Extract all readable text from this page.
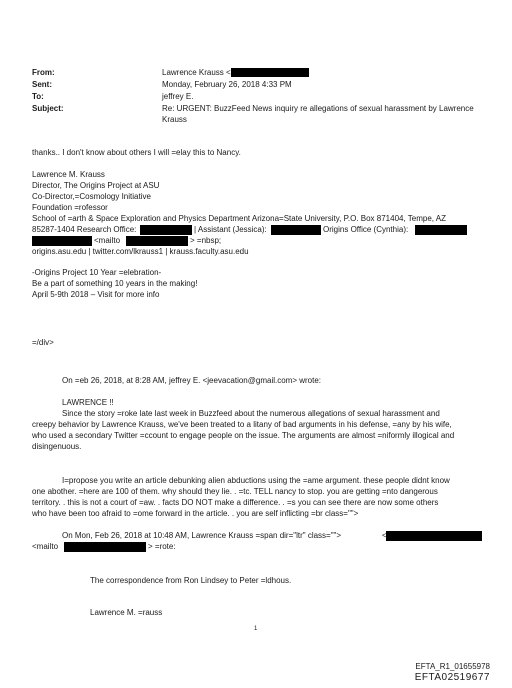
From:	Lawrence Krauss <
Sent:	Monday, February 26, 2018 4:33 PM
To:	jeffrey E.
Subject:	Re: URGENT: BuzzFeed News inquiry re allegations of sexual harassment by Lawrence
Krauss
thanks.. I don't know about others I will =elay this to Nancy.
Lawrence M. Krauss
Director, The Origins Project at ASU
Co-Director,=Cosmology Initiative
Foundation =rofessor
School of =arth & Space Exploration and Physics Department Arizona=State University, P.O. Box 871404, Tempe, AZ
85287-1404 Research Office:	| Assistant (Jessica):	Origins Office (Cynthia):
<mailto	> =nbsp;
origins.asu.edu | twitter.com/lkrauss1 | krauss.faculty.asu.edu
-Origins Project 10 Year =elebration-
Be a part of something 10 years in the making!
April 5-9th 2018 – Visit for more info
=/div>
On =eb 26, 2018, at 8:28 AM, jeffrey E. <jeevacation@gmail.com> wrote:
LAWRENCE !!
Since the story =roke late last week in Buzzfeed about the numerous allegations of sexual harassment and
creepy behavior by Lawrence Krauss, we've been treated to a litany of bad arguments in his defense, =any by his wife,
who used a secondary Twitter =ccount to engage people on the issue. The arguments are almost =niformly illogical and
disingenuous.
I=propose you write an article debunking alien abductions using the =ame argument. these people didnt know
one abother. =here are 100 of them. why should they lie. . =tc. TELL nancy to stop. you are getting =nto dangerous
territory. . this is not a court of =aw. . facts DO NOT make a difference. . =s you can see there are now some others
who have been too afraid to =ome forward in the article. . you are self inflicting =br class="">
On Mon, Feb 26, 2018 at 10:48 AM, Lawrence Krauss =span dir="ltr" class="">	<
<mailto	> =rote:
The correspondence from Ron Lindsey to Peter =ldhous.
Lawrence M. =rauss
1
EFTA_R1_01655978
EFTA02519677
